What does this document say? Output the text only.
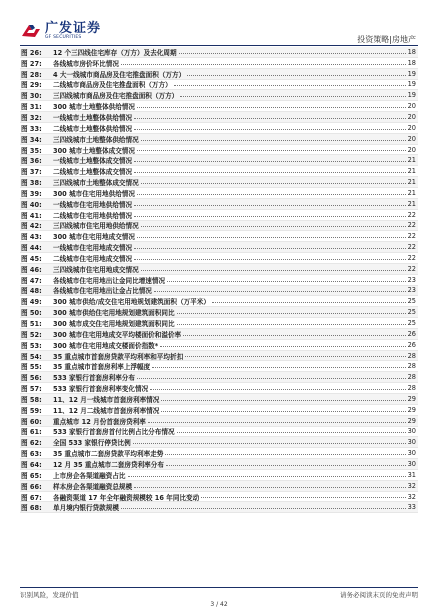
广发证券
GF SECURITIES	投资策略|房地产
图 26:	12 个三四线住宅库存（万方）及去化周期	18
图 27:	各线城市房价环比情况	18
图 28:	4 大一线城市商品房及住宅推盘面积（万方）	19
图 29:	二线城市商品房及住宅推盘面积（万方）	19
图 30:	三四线城市商品房及住宅推盘面积（万方）	19
图 31:	300 城市土地整体供给情况	20
图 32:	一线城市土地整体供给情况	20
图 33:	二线城市土地整体供给情况	20
图 34:	三四线城市土地整体供给情况	20
图 35:	300 城市土地整体成交情况	20
图 36:	一线城市土地整体成交情况	21
图 37:	二线城市土地整体成交情况	21
图 38:	三四线城市土地整体成交情况	21
图 39:	300 城市住宅用地供给情况	21
图 40:	一线城市住宅用地供给情况	21
图 41:	二线城市住宅用地供给情况	22
图 42:	三四线城市住宅用地供给情况	22
图 43:	300 城市住宅用地成交情况	22
图 44:	一线城市住宅用地成交情况	22
图 45:	二线城市住宅用地成交情况	22
图 46:	三四线城市住宅用地成交情况	22
图 47:	各线城市住宅用地出让金同比增速情况	23
图 48:	各线城市住宅用地出让金占比情况	23
图 49:	300 城市供给/成交住宅用地规划建筑面积（万平米）	25
图 50:	300 城市供给住宅用地规划建筑面积同比	25
图 51:	300 城市成交住宅用地规划建筑面积同比	25
图 52:	300 城市住宅用地成交平均楼面价和溢价率	26
图 53:	300 城市住宅用地成交楼面价指数*	26
图 54:	35 重点城市首套房贷款平均利率和平均折扣	28
图 55:	35 重点城市首套房利率上浮幅度	28
图 56:	533 家银行首套房利率分布	28
图 57:	533 家银行首套房利率变化情况	28
图 58:	11、12 月一线城市首套房利率情况	29
图 59:	11、12 月二线城市首套房利率情况	29
图 60:	重点城市 12 月份首套房贷利率	29
图 61:	533 家银行首套房首付比例占比分布情况	30
图 62:	全国 533 家银行停贷比例	30
图 63:	35 重点城市二套房贷款平均利率走势	30
图 64:	12 月 35 重点城市二套房贷利率分布	30
图 65:	上市房企各渠道融资占比	31
图 66:	样本房企各渠道融资总规模	32
图 67:	各融资渠道 17 年全年融资规模较 16 年同比变动	32
图 68:	单月境内银行贷款规模	33
识别风险，发现价值
3 / 42
请务必阅读末页的免责声明
